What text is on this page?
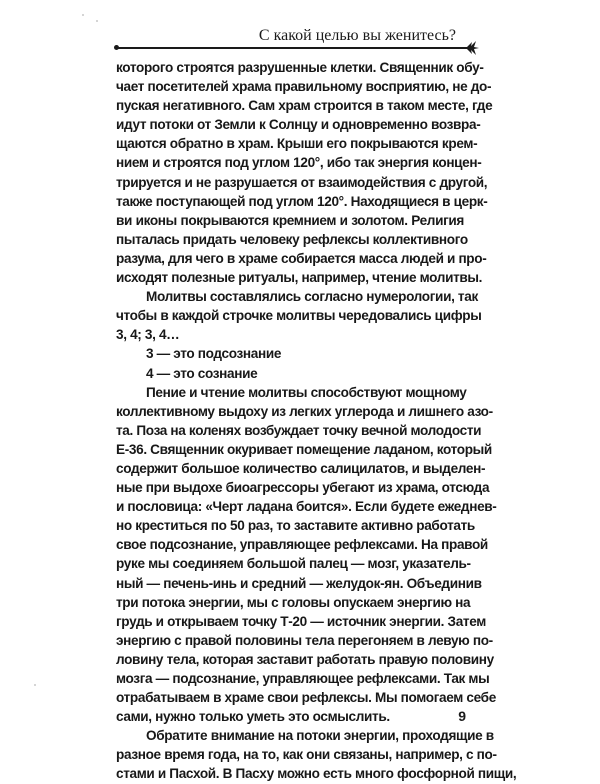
С какой целью вы женитесь?
которого строятся разрушенные клетки. Священник обу-
чает посетителей храма правильному восприятию, не до-
пуская негативного. Сам храм строится в таком месте, где
идут потоки от Земли к Солнцу и одновременно возвра-
щаются обратно в храм. Крыши его покрываются крем-
нием и строятся под углом 120°, ибо так энергия концен-
трируется и не разрушается от взаимодействия с другой,
также поступающей под углом 120°. Находящиеся в церк-
ви иконы покрываются кремнием и золотом. Религия
пыталась придать человеку рефлексы коллективного
разума, для чего в храме собирается масса людей и про-
исходят полезные ритуалы, например, чтение молитвы.
Молитвы составлялись согласно нумерологии, так
чтобы в каждой строчке молитвы чередовались цифры
3, 4; 3, 4…
3 — это подсознание
4 — это сознание
Пение и чтение молитвы способствуют мощному
коллективному выдоху из легких углерода и лишнего азо-
та. Поза на коленях возбуждает точку вечной молодости
Е-36. Священник окуривает помещение ладаном, который
содержит большое количество салицилатов, и выделен-
ные при выдохе биоагрессоры убегают из храма, отсюда
и пословица: «Черт ладана боится». Если будете ежеднев-
но креститься по 50 раз, то заставите активно работать
свое подсознание, управляющее рефлексами. На правой
руке мы соединяем большой палец — мозг, указатель-
ный — печень-инь и средний — желудок-ян. Объединив
три потока энергии, мы с головы опускаем энергию на
грудь и открываем точку Т-20 — источник энергии. Затем
энергию с правой половины тела перегоняем в левую по-
ловину тела, которая заставит работать правую половину
мозга — подсознание, управляющее рефлексами. Так мы
отрабатываем в храме свои рефлексы. Мы помогаем себе
сами, нужно только уметь это осмыслить.
Обратите внимание на потоки энергии, проходящие в
разное время года, на то, как они связаны, например, с по-
стами и Пасхой. В Пасху можно есть много фосфорной пищи,
9
